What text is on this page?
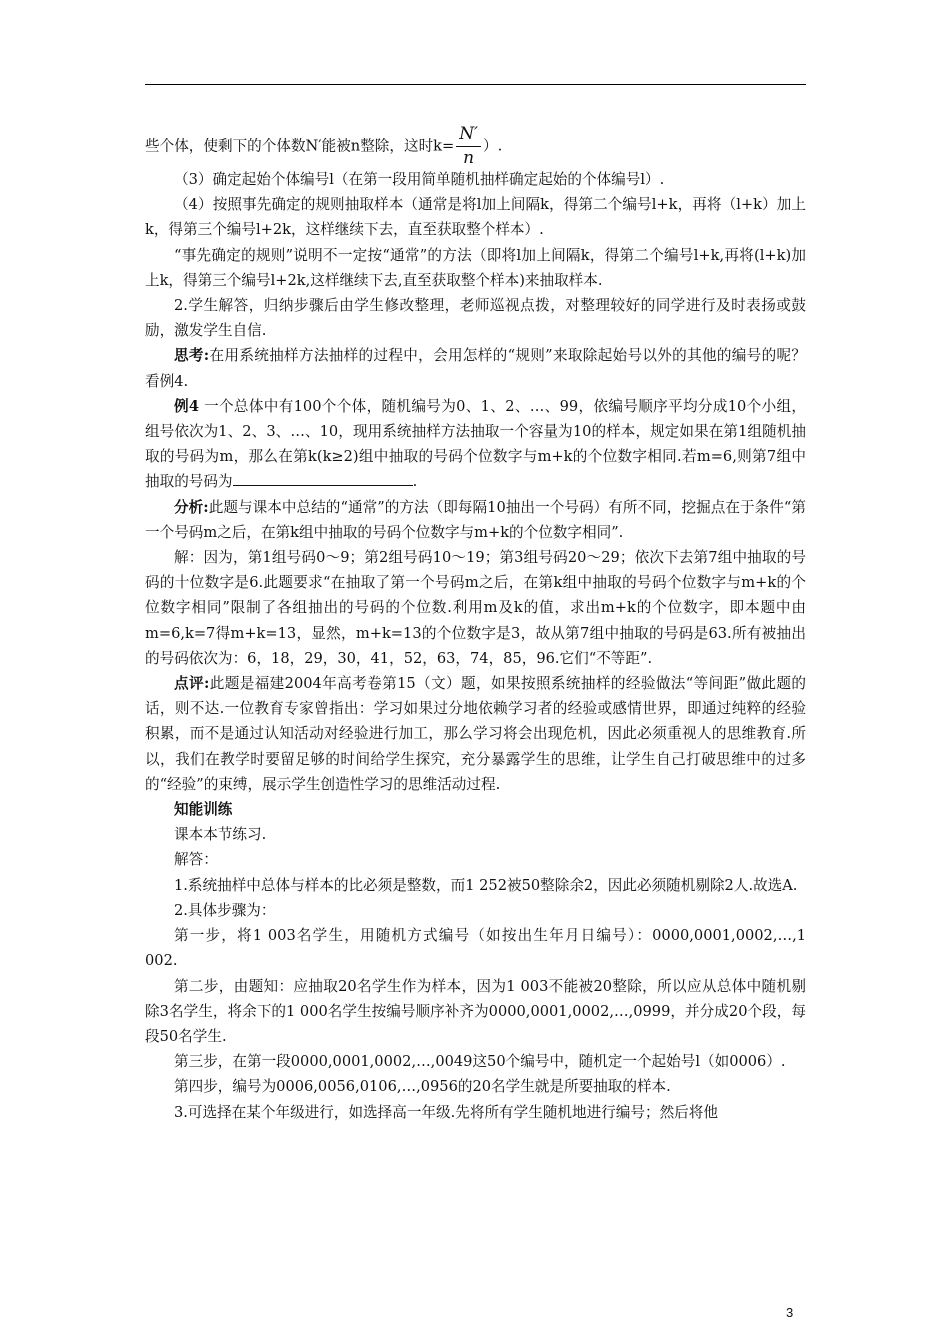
些个体，使剩下的个体数N′能被n整除，这时$k= \frac{N'}{n}$ ）.

（3）确定起始个体编号l（在第一段用简单随机抽样确定起始的个体编号l）.

（4）按照事先确定的规则抽取样本（通常是将l加上间隔k，得第二个编号l+k，再将（l+k）加上k，得第三个编号l+2k，这样继续下去，直至获取整个样本）.

“事先确定的规则”说明不一定按“通常”的方法（即将l加上间隔k，得第二个编号l+k,再将(l+k)加上k，得第三个编号l+2k,这样继续下去,直至获取整个样本)来抽取样本.

2.学生解答，归纳步骤后由学生修改整理，老师巡视点拨，对整理较好的同学进行及时表扬或鼓励，激发学生自信.

思考:在用系统抽样方法抽样的过程中，会用怎样的“规则”来取除起始号以外的其他的编号的呢？看例4.

例4 一个总体中有100个个体，随机编号为0、1、2、…、99，依编号顺序平均分成10个小组，组号依次为1、2、3、…、10，现用系统抽样方法抽取一个容量为10的样本，规定如果在第1组随机抽取的号码为m，那么在第k(k≥2)组中抽取的号码个位数字与m+k的个位数字相同.若m=6,则第7组中抽取的号码为	.

分析:此题与课本中总结的“通常”的方法（即每隔10抽出一个号码）有所不同，挖掘点在于条件“第一个号码m之后，在第k组中抽取的号码个位数字与m+k的个位数字相同”.

解：因为，第1组号码0～9；第2组号码10～19；第3组号码20～29；依次下去第7组中抽取的号码的十位数字是6.此题要求“在抽取了第一个号码m之后，在第k组中抽取的号码个位数字与m+k的个位数字相同”限制了各组抽出的号码的个位数.利用m及k的值，求出m+k的个位数字，即本题中由m=6,k=7得m+k=13，显然，m+k=13的个位数字是3，故从第7组中抽取的号码是63.所有被抽出的号码依次为：6，18，29，30，41，52，63，74，85，96.它们“不等距”.

点评:此题是福建2004年高考卷第15（文）题，如果按照系统抽样的经验做法“等间距”做此题的话，则不达.一位教育专家曾指出：学习如果过分地依赖学习者的经验或感情世界，即通过纯粹的经验积累，而不是通过认知活动对经验进行加工，那么学习将会出现危机，因此必须重视人的思维教育.所以，我们在教学时要留足够的时间给学生探究，充分暴露学生的思维，让学生自己打破思维中的过多的“经验”的束缚，展示学生创造性学习的思维活动过程.

知能训练

课本本节练习.

解答：

1.系统抽样中总体与样本的比必须是整数，而1 252被50整除余2，因此必须随机剔除2人.故选A.

2.具体步骤为：

第一步，将1 003名学生，用随机方式编号（如按出生年月日编号）：0000,0001,0002,…,1 002.

第二步，由题知：应抽取20名学生作为样本，因为1 003不能被20整除，所以应从总体中随机剔除3名学生，将余下的1 000名学生按编号顺序补齐为0000,0001,0002,…,0999，并分成20个段，每段50名学生.

第三步，在第一段0000,0001,0002,…,0049这50个编号中，随机定一个起始号l（如0006）.

第四步，编号为0006,0056,0106,…,0956的20名学生就是所要抽取的样本.

3.可选择在某个年级进行，如选择高一年级.先将所有学生随机地进行编号；然后将他

3
